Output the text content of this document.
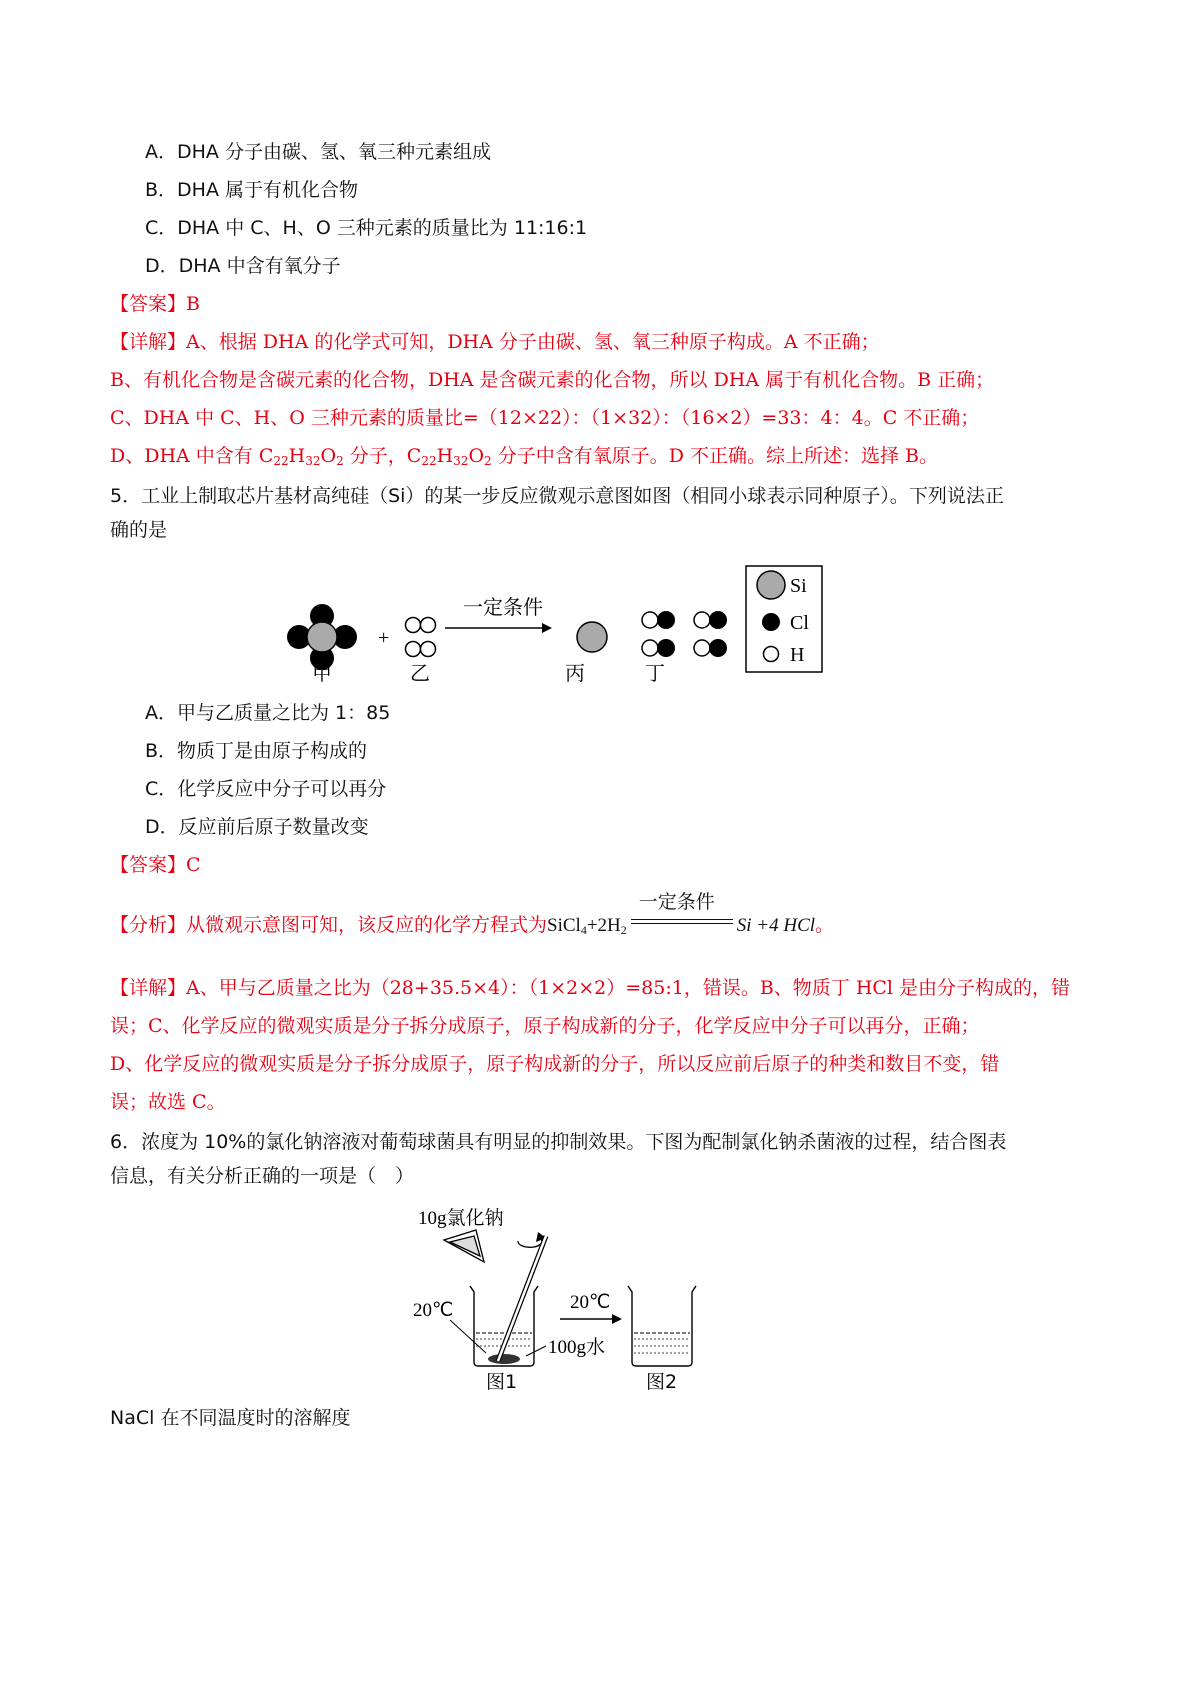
A．DHA 分子由碳、氢、氧三种元素组成
B．DHA 属于有机化合物
C．DHA 中 C、H、O 三种元素的质量比为 11:16:1
D．DHA 中含有氧分子
【答案】B
【详解】A、根据 DHA 的化学式可知，DHA 分子由碳、氢、氧三种原子构成。A 不正确；
B、有机化合物是含碳元素的化合物，DHA 是含碳元素的化合物，所以 DHA 属于有机化合物。B 正确；
C、DHA 中 C、H、O 三种元素的质量比=（12×22）：（1×32）：（16×2）=33：4：4。C 不正确；
D、DHA 中含有 $C_{22}H_{32}O_2$ 分子，$C_{22}H_{32}O_2$ 分子中含有氧原子。D 不正确。综上所述：选择 B。
5．工业上制取芯片基材高纯硅（Si）的某一步反应微观示意图如图（相同小球表示同种原子）。下列说法正
确的是
+
一定条件
甲	乙	丙	丁
Si
Cl
H
A．甲与乙质量之比为 1：85
B．物质丁是由原子构成的
C．化学反应中分子可以再分
D．反应前后原子数量改变
【答案】C
【分析】从微观示意图可知，该反应的化学方程式为$SiCl_4+2H_2$
一定条件
Si +4 HCl。
【详解】A、甲与乙质量之比为（28+35.5×4）：（1×2×2）=85:1，错误。B、物质丁 HCl 是由分子构成的，错
误；C、化学反应的微观实质是分子拆分成原子，原子构成新的分子，化学反应中分子可以再分，正确；
D、化学反应的微观实质是分子拆分成原子，原子构成新的分子，所以反应前后原子的种类和数目不变，错
误；故选 C。
6．浓度为 10%的氯化钠溶液对葡萄球菌具有明显的抑制效果。下图为配制氯化钠杀菌液的过程，结合图表
信息，有关分析正确的一项是（　）
10g氯化钠
20℃
100g水
20℃
图1	图2
NaCl 在不同温度时的溶解度
